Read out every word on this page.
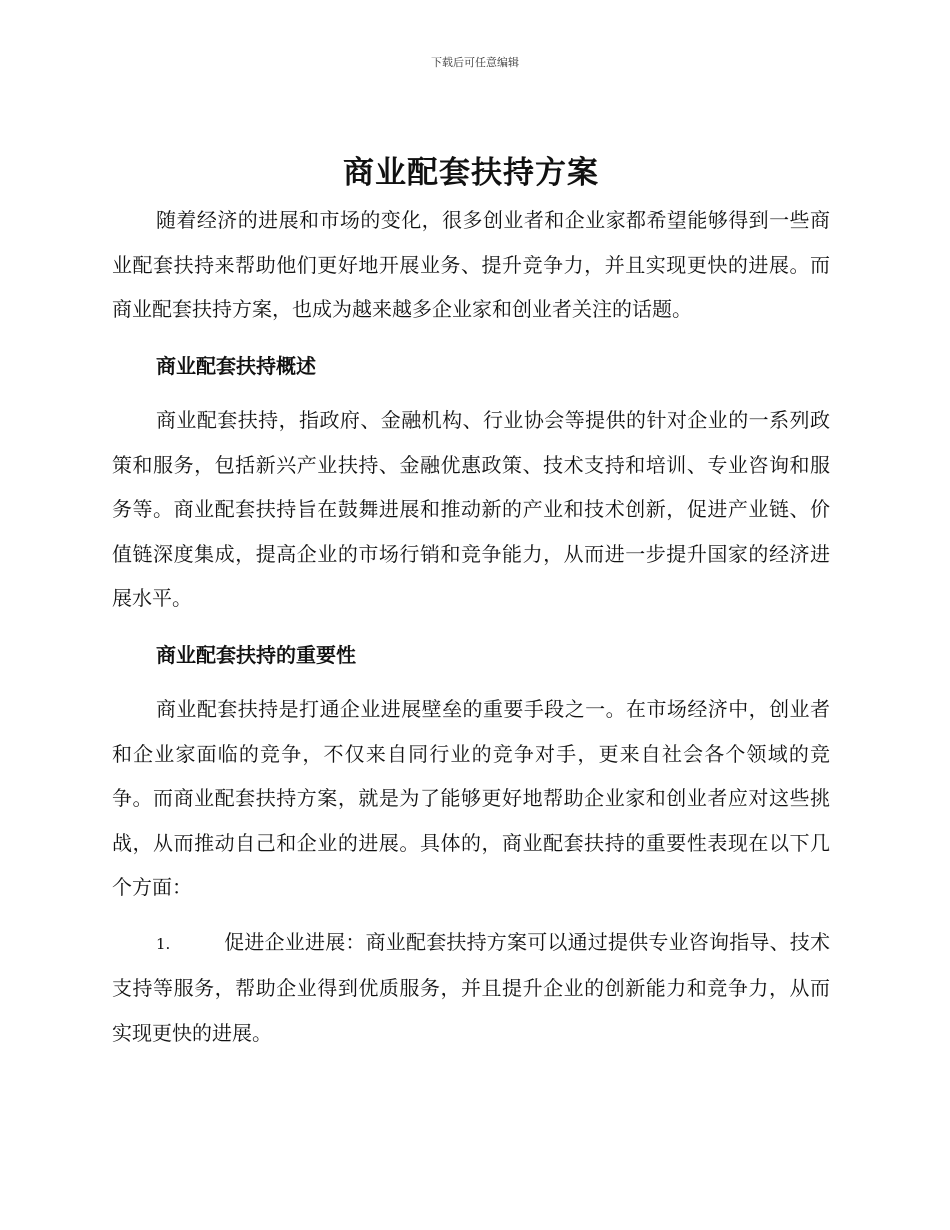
下载后可任意编辑
商业配套扶持方案

随着经济的进展和市场的变化，很多创业者和企业家都希望能够得到一些商业配套扶持来帮助他们更好地开展业务、提升竞争力，并且实现更快的进展。而商业配套扶持方案，也成为越来越多企业家和创业者关注的话题。

商业配套扶持概述

商业配套扶持，指政府、金融机构、行业协会等提供的针对企业的一系列政策和服务，包括新兴产业扶持、金融优惠政策、技术支持和培训、专业咨询和服务等。商业配套扶持旨在鼓舞进展和推动新的产业和技术创新，促进产业链、价值链深度集成，提高企业的市场行销和竞争能力，从而进一步提升国家的经济进展水平。

商业配套扶持的重要性

商业配套扶持是打通企业进展壁垒的重要手段之一。在市场经济中，创业者和企业家面临的竞争，不仅来自同行业的竞争对手，更来自社会各个领域的竞争。而商业配套扶持方案，就是为了能够更好地帮助企业家和创业者应对这些挑战，从而推动自己和企业的进展。具体的，商业配套扶持的重要性表现在以下几个方面：

1.	促进企业进展：商业配套扶持方案可以通过提供专业咨询指导、技术支持等服务，帮助企业得到优质服务，并且提升企业的创新能力和竞争力，从而实现更快的进展。
